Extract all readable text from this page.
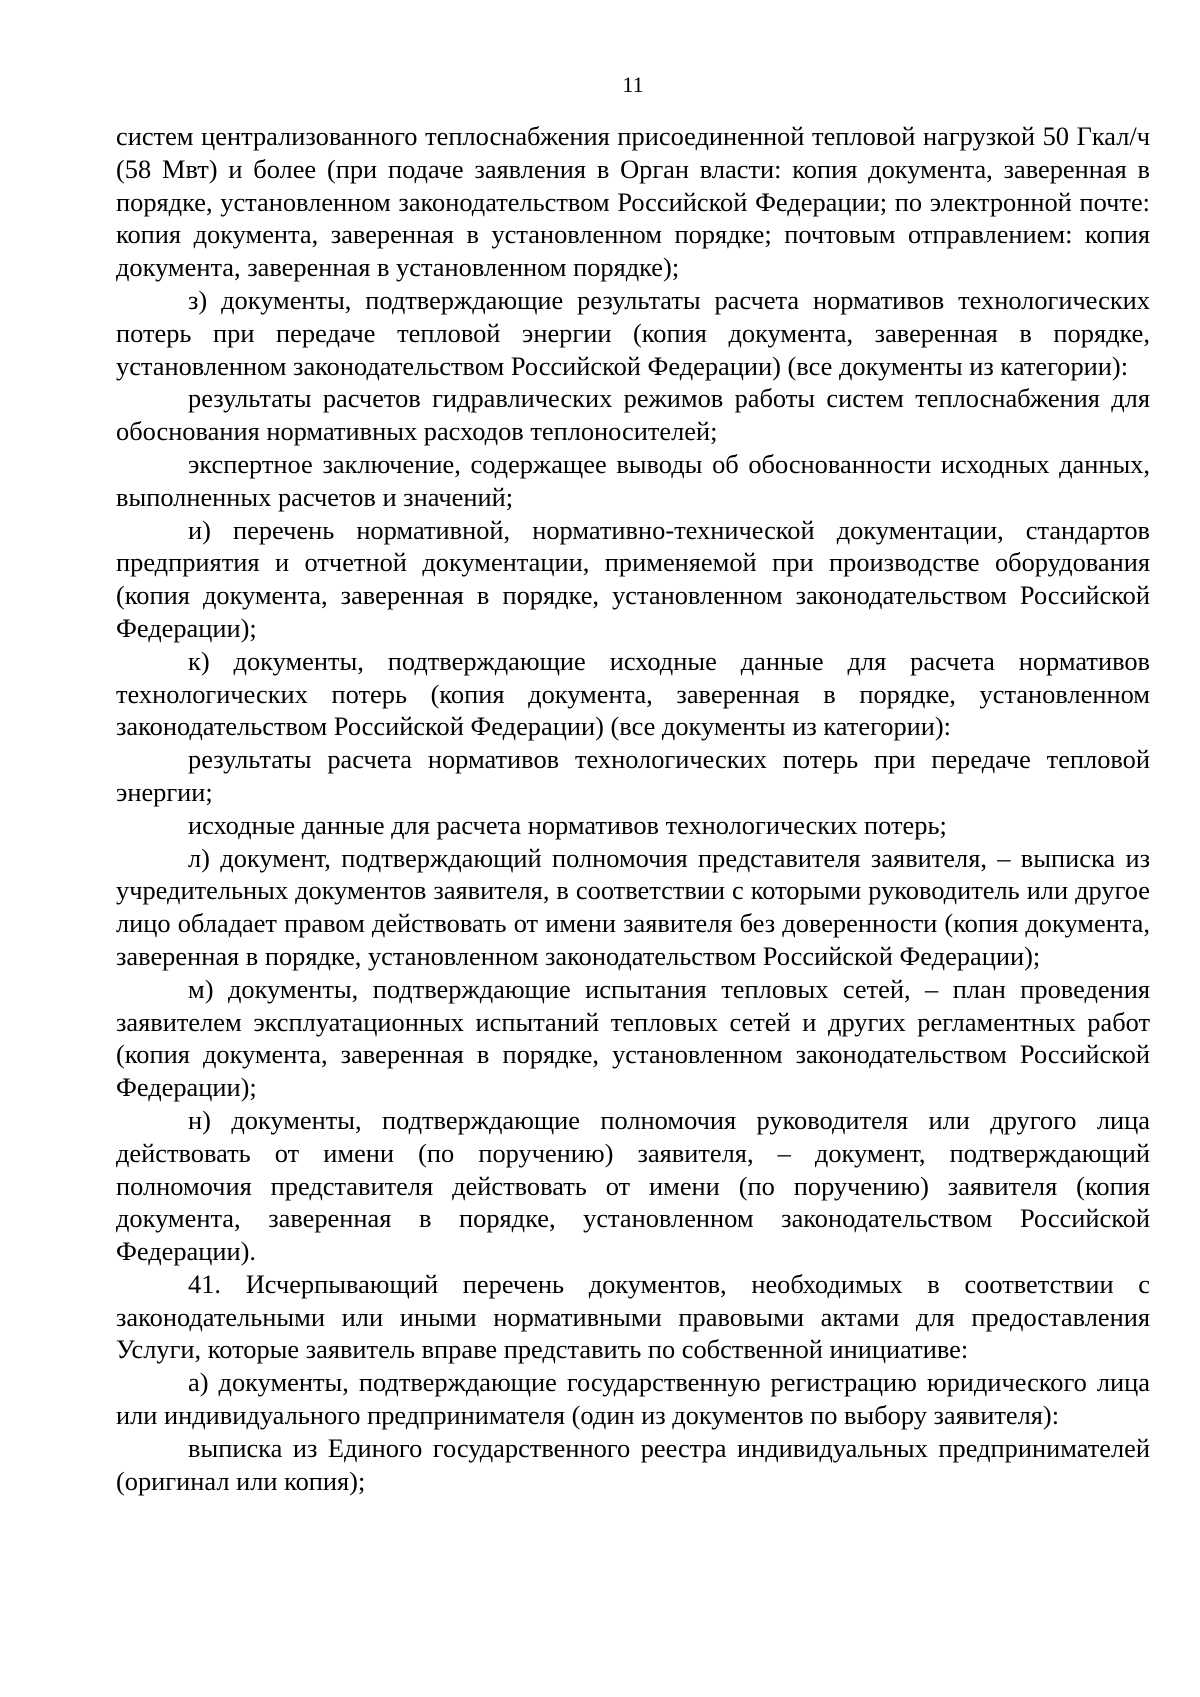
11

систем централизованного теплоснабжения присоединенной тепловой нагрузкой 50 Гкал/ч (58 Мвт) и более (при подаче заявления в Орган власти: копия документа, заверенная в порядке, установленном законодательством Российской Федерации; по электронной почте: копия документа, заверенная в установленном порядке; почтовым отправлением: копия документа, заверенная в установленном порядке);

з) документы, подтверждающие результаты расчета нормативов технологических потерь при передаче тепловой энергии (копия документа, заверенная в порядке, установленном законодательством Российской Федерации) (все документы из категории):

результаты расчетов гидравлических режимов работы систем теплоснабжения для обоснования нормативных расходов теплоносителей;

экспертное заключение, содержащее выводы об обоснованности исходных данных, выполненных расчетов и значений;

и) перечень нормативной, нормативно-технической документации, стандартов предприятия и отчетной документации, применяемой при производстве оборудования (копия документа, заверенная в порядке, установленном законодательством Российской Федерации);

к) документы, подтверждающие исходные данные для расчета нормативов технологических потерь (копия документа, заверенная в порядке, установленном законодательством Российской Федерации) (все документы из категории):

результаты расчета нормативов технологических потерь при передаче тепловой энергии;

исходные данные для расчета нормативов технологических потерь;

л) документ, подтверждающий полномочия представителя заявителя, – выписка из учредительных документов заявителя, в соответствии с которыми руководитель или другое лицо обладает правом действовать от имени заявителя без доверенности (копия документа, заверенная в порядке, установленном законодательством Российской Федерации);

м) документы, подтверждающие испытания тепловых сетей, – план проведения заявителем эксплуатационных испытаний тепловых сетей и других регламентных работ (копия документа, заверенная в порядке, установленном законодательством Российской Федерации);

н) документы, подтверждающие полномочия руководителя или другого лица действовать от имени (по поручению) заявителя, – документ, подтверждающий полномочия представителя действовать от имени (по поручению) заявителя (копия документа, заверенная в порядке, установленном законодательством Российской Федерации).

41. Исчерпывающий перечень документов, необходимых в соответствии с законодательными или иными нормативными правовыми актами для предоставления Услуги, которые заявитель вправе представить по собственной инициативе:

а) документы, подтверждающие государственную регистрацию юридического лица или индивидуального предпринимателя (один из документов по выбору заявителя):

выписка из Единого государственного реестра индивидуальных предпринимателей (оригинал или копия);
